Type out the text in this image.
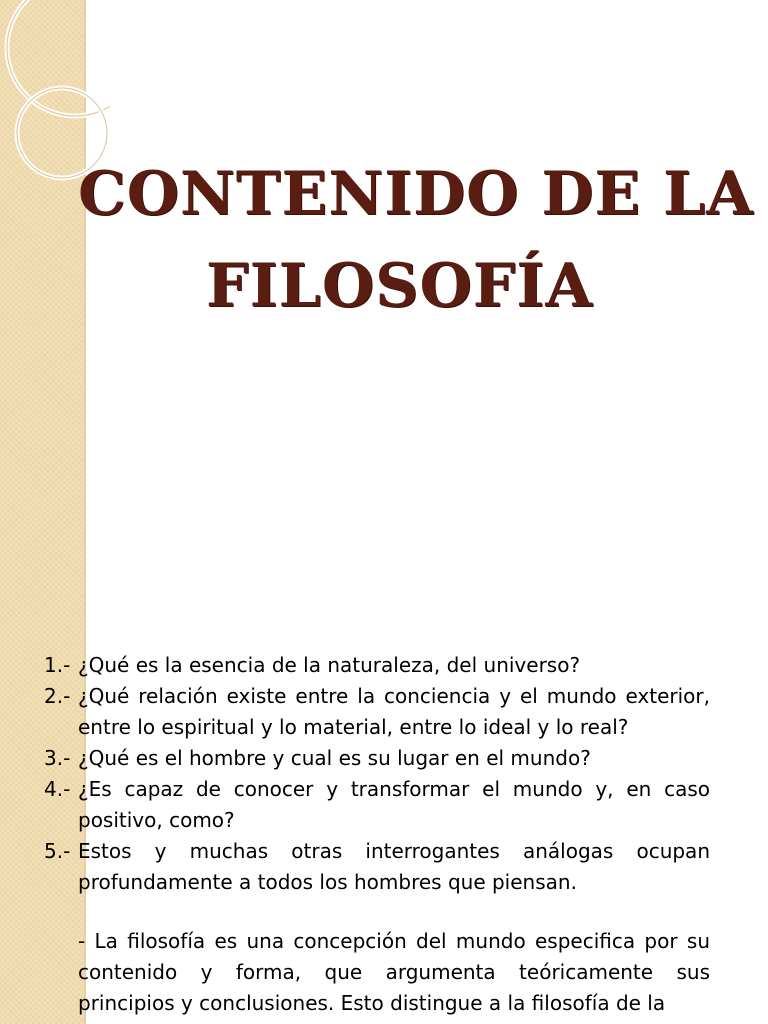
CONTENIDO DE LA
FILOSOFÍA
1.- ¿Qué es la esencia de la naturaleza, del universo?
2.- ¿Qué relación existe entre la conciencia y el mundo exterior, entre lo espiritual y lo material, entre lo ideal y lo real?
3.- ¿Qué es el hombre y cual es su lugar en el mundo?
4.- ¿Es capaz de conocer y transformar el mundo y, en caso positivo, como?
5.- Estos y muchas otras interrogantes análogas ocupan profundamente a todos los hombres que piensan.
- La filosofía es una concepción del mundo especifica por su contenido y forma, que argumenta teóricamente sus principios y conclusiones. Esto distingue a la filosofía de la
